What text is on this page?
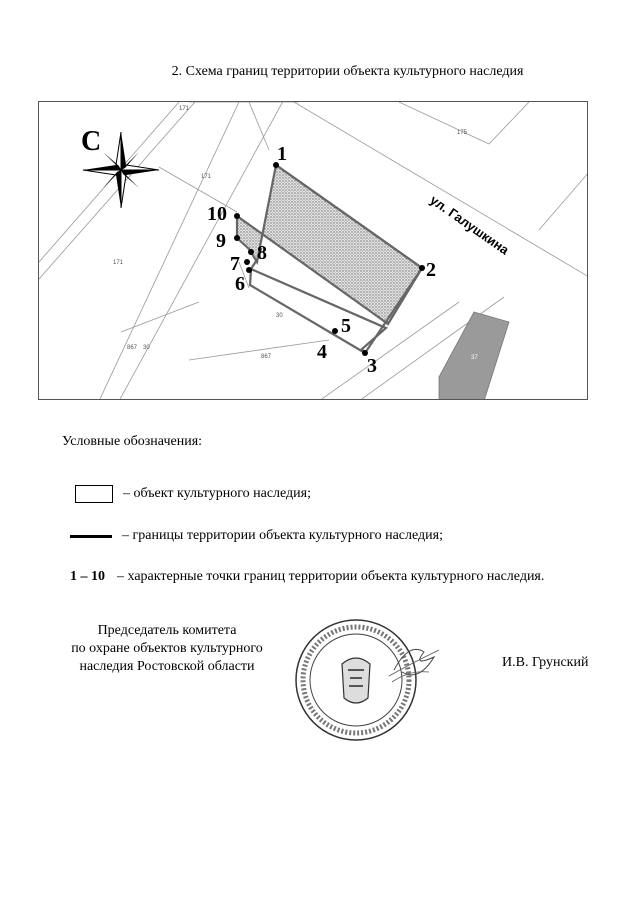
2. Схема границ территории объекта культурного наследия
С
ул. Галушкина
171
171
171
175
30
867
867
30
37
1
2
3
4
5
6
7 8
9
10
Условные обозначения:
– объект культурного наследия;
– границы территории объекта культурного наследия;
1 – 10 – характерные точки границ территории объекта культурного наследия.
Председатель комитета
по охране объектов культурного
наследия Ростовской области	И.В. Грунский
